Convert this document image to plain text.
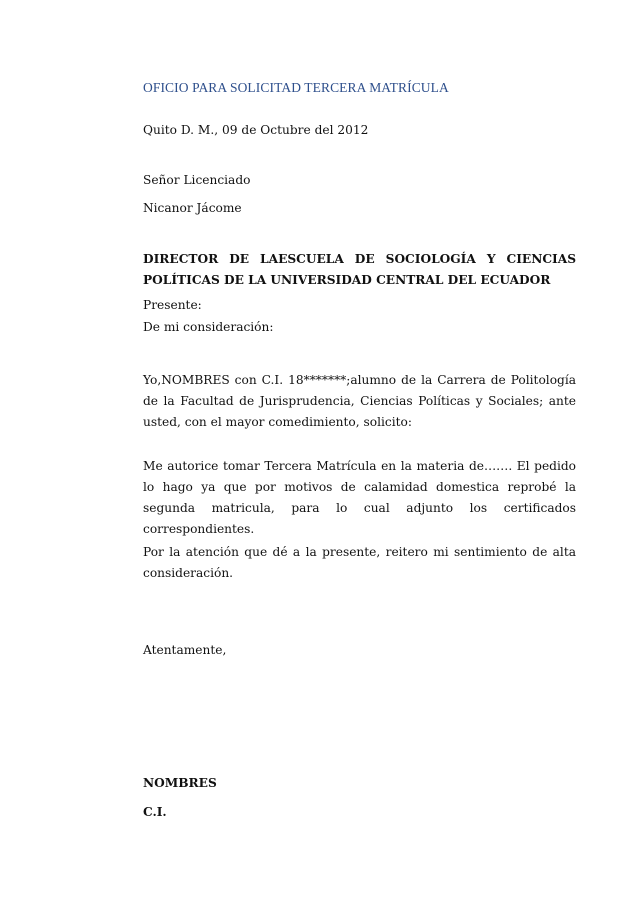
OFICIO PARA SOLICITAD TERCERA MATRÍCULA
Quito D. M., 09 de Octubre del 2012
Señor Licenciado
Nicanor Jácome
DIRECTOR DE LAESCUELA DE SOCIOLOGÍA Y CIENCIAS POLÍTICAS DE LA UNIVERSIDAD CENTRAL DEL ECUADOR
Presente:
De mi consideración:
Yo,NOMBRES con C.I. 18*******;alumno de la Carrera de Politología de la Facultad de Jurisprudencia, Ciencias Políticas y Sociales; ante usted, con el mayor comedimiento, solicito:
Me autorice tomar Tercera Matrícula en la materia de……. El pedido lo hago ya que por motivos de calamidad domestica reprobé la segunda matricula, para lo cual adjunto los certificados correspondientes.
Por la atención que dé a la presente, reitero mi sentimiento de alta consideración.
Atentamente,
NOMBRES
C.I.
